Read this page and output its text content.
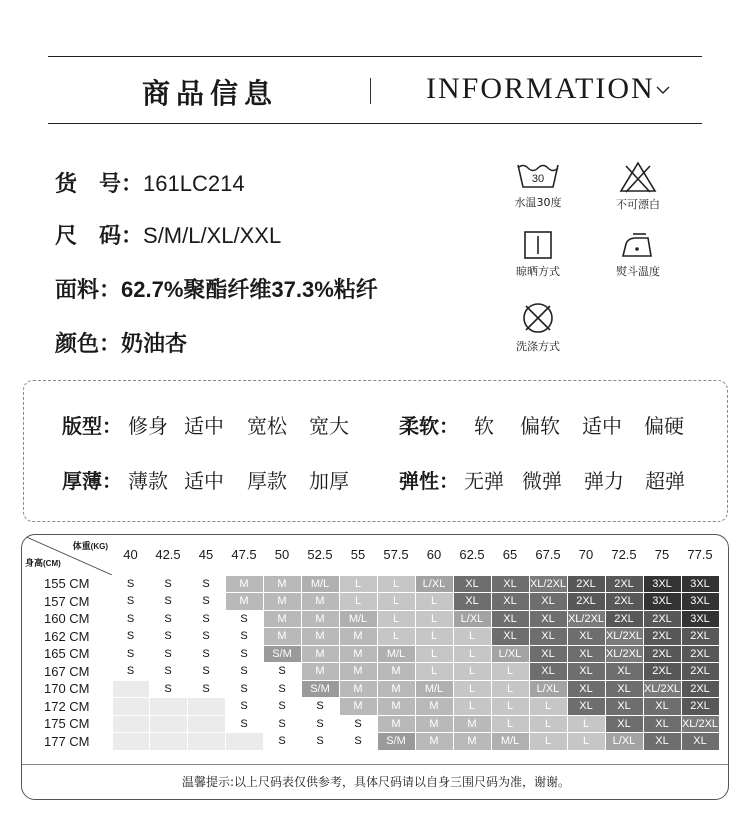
商品信息	INFORMATION
货　号：161LC214
尺　码：S/M/L/XL/XXL
面料：62.7%聚酯纤维37.3%粘纤
颜色：奶油杏
30
水温30度	不可漂白
晾晒方式	熨斗温度
洗涤方式
版型： 修身 适中 宽松 宽大	柔软： 软 偏软 适中 偏硬
厚薄： 薄款 适中 厚款 加厚	弹性： 无弹 微弹 弹力 超弹
体重(KG)
身高(CM)	40	42.5	45	47.5	50	52.5	55	57.5	60	62.5	65	67.5	70	72.5	75	77.5
155 CM	S	S	S	M	M	M/L	L	L	L/XL	XL	XL	XL/2XL	2XL	2XL	3XL	3XL
157 CM	S	S	S	M	M	M	L	L	L	XL	XL	XL	2XL	2XL	3XL	3XL
160 CM	S	S	S	S	M	M	M/L	L	L	L/XL	XL	XL	XL/2XL	2XL	2XL	3XL
162 CM	S	S	S	S	M	M	M	L	L	L	XL	XL	XL	XL/2XL	2XL	2XL
165 CM	S	S	S	S	S/M	M	M	M/L	L	L	L/XL	XL	XL	XL/2XL	2XL	2XL
167 CM	S	S	S	S	S	M	M	M	L	L	L	XL	XL	XL	2XL	2XL
170 CM		S	S	S	S	S/M	M	M	M/L	L	L	L/XL	XL	XL	XL/2XL	2XL
172 CM				S	S	S	M	M	M	L	L	L	XL	XL	XL	2XL
175 CM				S	S	S	S	M	M	M	L	L	L	XL	XL	XL/2XL
177 CM					S	S	S	S/M	M	M	M/L	L	L	L/XL	XL	XL
温馨提示:以上尺码表仅供参考，具体尺码请以自身三围尺码为准，谢谢。
